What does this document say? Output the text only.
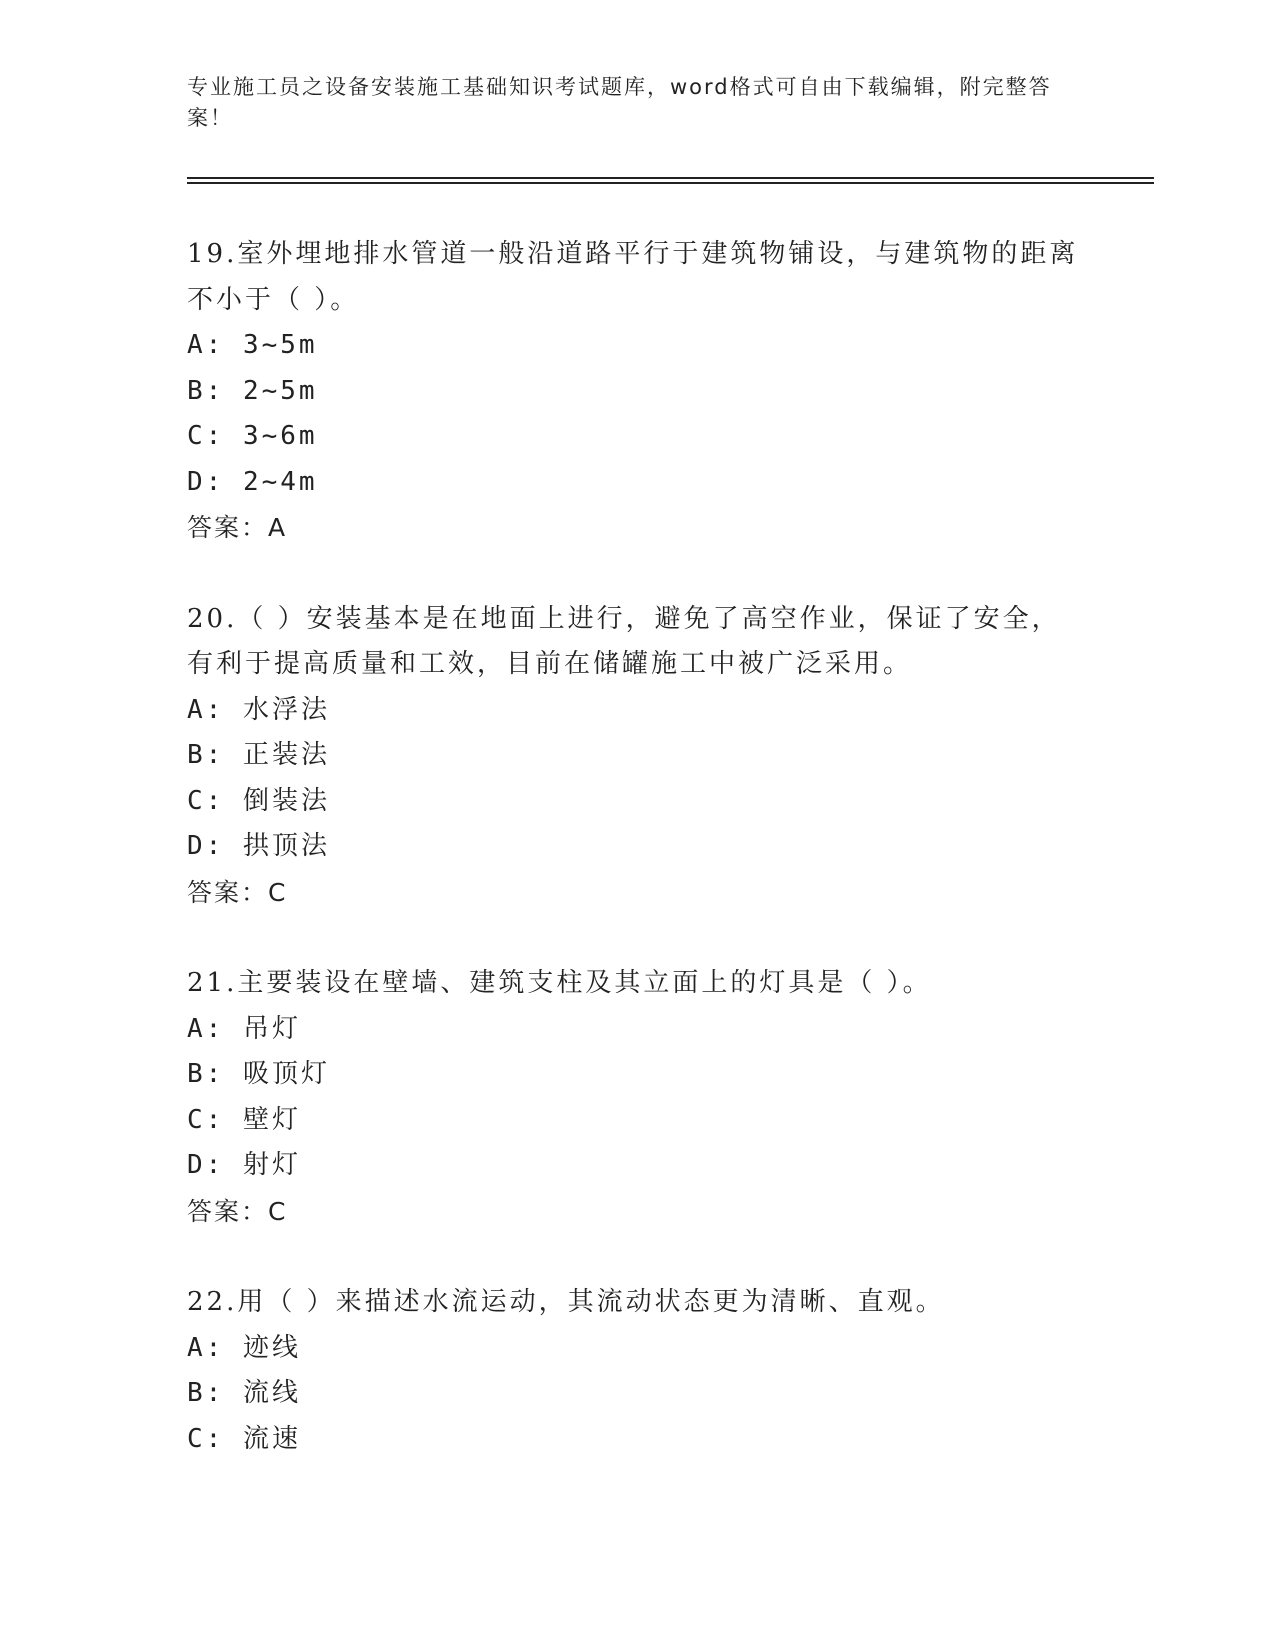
专业施工员之设备安装施工基础知识考试题库，word格式可自由下载编辑，附完整答案！

19.室外埋地排水管道一般沿道路平行于建筑物铺设，与建筑物的距离不小于（ ）。

A: 3~5m

B: 2~5m

C: 3~6m

D: 2~4m

答案：A

20.（ ）安装基本是在地面上进行，避免了高空作业，保证了安全，有利于提高质量和工效，目前在储罐施工中被广泛采用。

A: 水浮法

B: 正装法

C: 倒装法

D: 拱顶法

答案：C

21.主要装设在壁墙、建筑支柱及其立面上的灯具是（ ）。

A: 吊灯

B: 吸顶灯

C: 壁灯

D: 射灯

答案：C

22.用（ ）来描述水流运动，其流动状态更为清晰、直观。

A: 迹线

B: 流线

C: 流速
